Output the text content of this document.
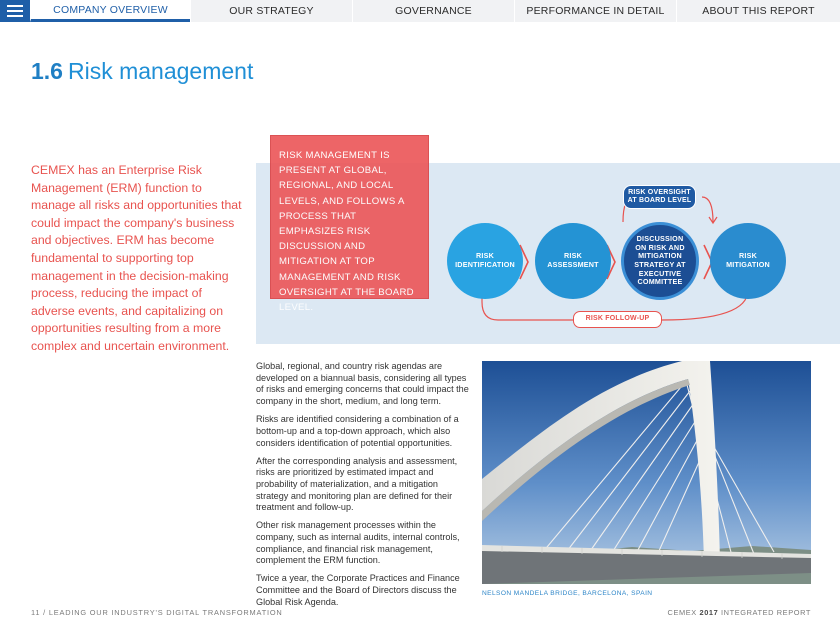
COMPANY OVERVIEW	OUR STRATEGY	GOVERNANCE	PERFORMANCE IN DETAIL	ABOUT THIS REPORT
1.6 Risk management

CEMEX has an Enterprise Risk Management (ERM) function to manage all risks and opportunities that could impact the company's business and objectives. ERM has become fundamental to supporting top management in the decision-making process, reducing the impact of adverse events, and capitalizing on opportunities resulting from a more complex and uncertain environment.

RISK MANAGEMENT IS PRESENT AT GLOBAL, REGIONAL, AND LOCAL LEVELS, AND FOLLOWS A PROCESS THAT EMPHASIZES RISK DISCUSSION AND MITIGATION AT TOP MANAGEMENT AND RISK OVERSIGHT AT THE BOARD LEVEL.
RISK
IDENTIFICATION
RISK
ASSESSMENT
DISCUSSION
ON RISK AND
MITIGATION
STRATEGY AT
EXECUTIVE
COMMITTEE
RISK
MITIGATION
RISK OVERSIGHT
AT BOARD LEVEL
RISK FOLLOW-UP

Global, regional, and country risk agendas are developed on a biannual basis, considering all types of risks and emerging concerns that could impact the company in the short, medium, and long term.

Risks are identified considering a combination of a bottom-up and a top-down approach, which also considers identification of potential opportunities.

After the corresponding analysis and assessment, risks are prioritized by estimated impact and probability of materialization, and a mitigation strategy and monitoring plan are defined for their treatment and follow-up.

Other risk management processes within the company, such as internal audits, internal controls, compliance, and financial risk management, complement the ERM function.

Twice a year, the Corporate Practices and Finance Committee and the Board of Directors discuss the Global Risk Agenda.

NELSON MANDELA BRIDGE, BARCELONA, SPAIN
11 / LEADING OUR INDUSTRY'S DIGITAL TRANSFORMATION	CEMEX 2017 INTEGRATED REPORT
